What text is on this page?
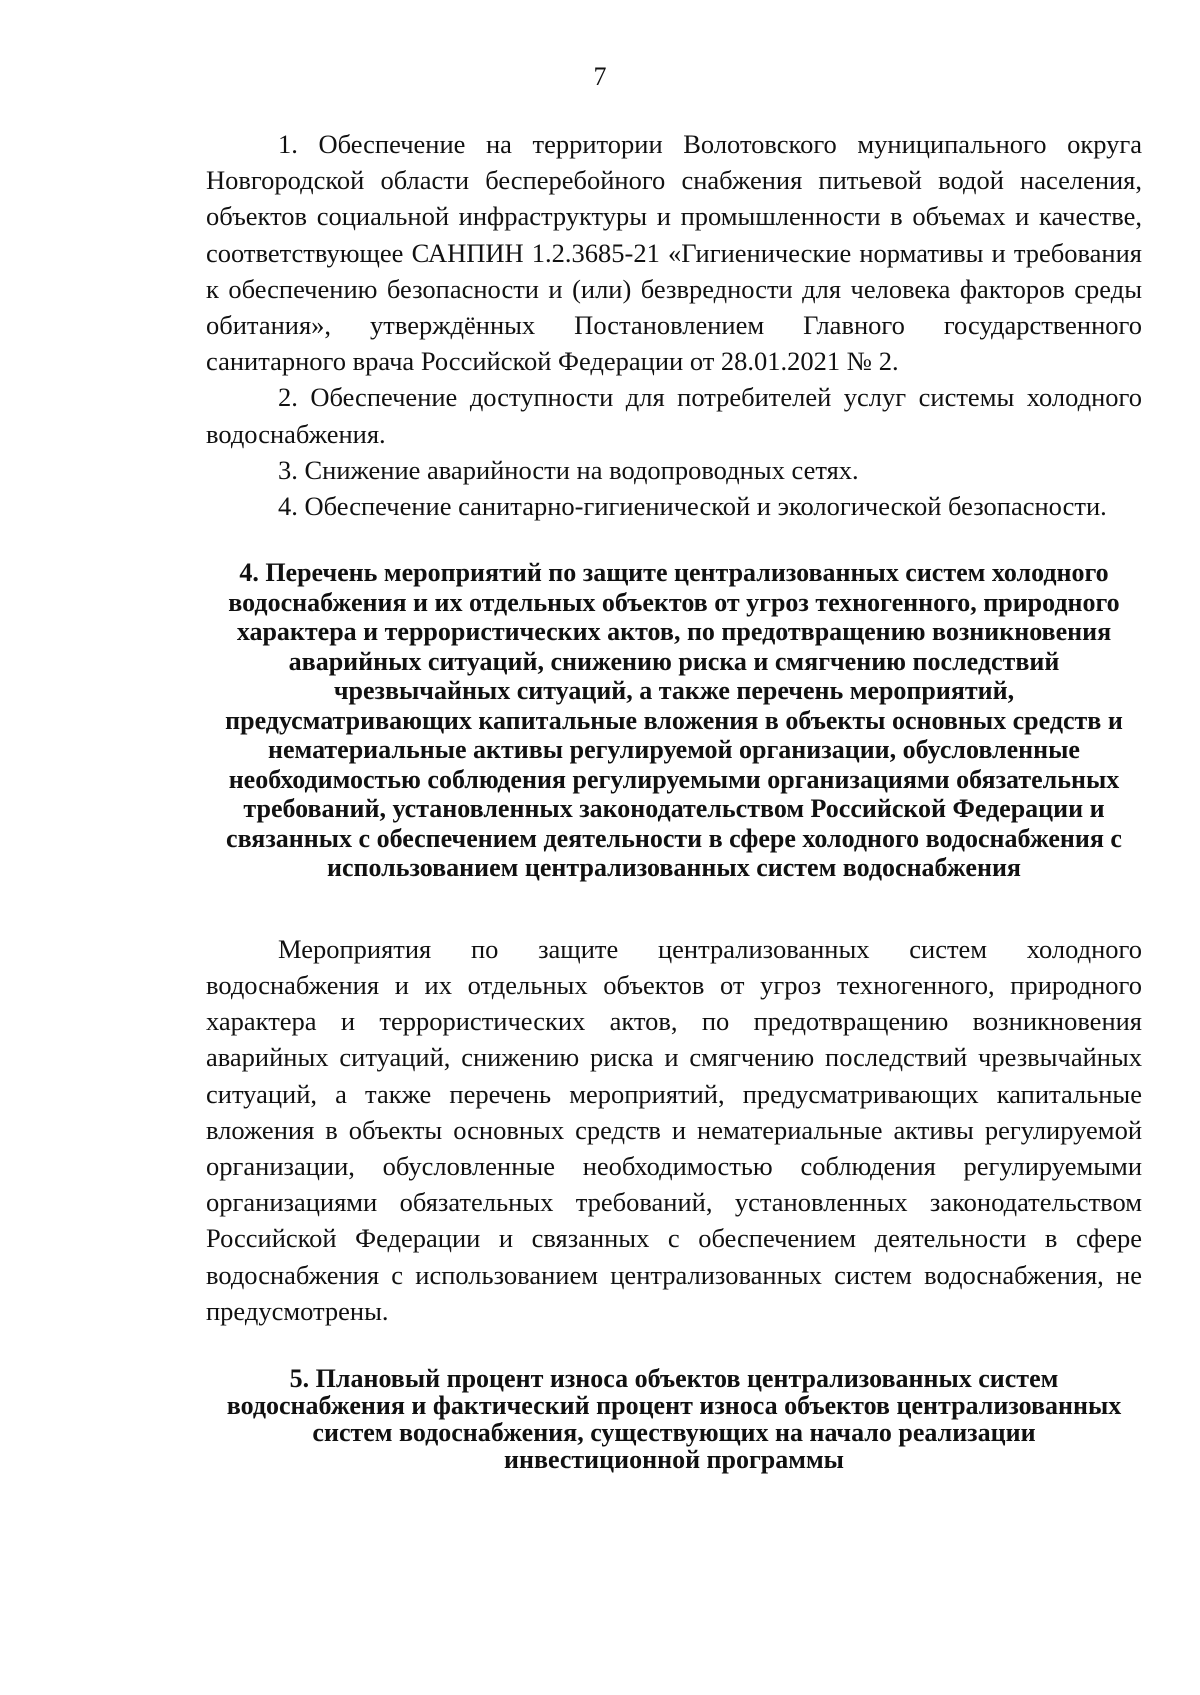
7

1. Обеспечение на территории Волотовского муниципального округа Новгородской области бесперебойного снабжения питьевой водой населения, объектов социальной инфраструктуры и промышленности в объемах и качестве, соответствующее САНПИН 1.2.3685-21 «Гигиенические нормативы и требования к обеспечению безопасности и (или) безвредности для человека факторов среды обитания», утверждённых Постановлением Главного государственного санитарного врача Российской Федерации от 28.01.2021 № 2.

2. Обеспечение доступности для потребителей услуг системы холодного водоснабжения.

3. Снижение аварийности на водопроводных сетях.

4. Обеспечение санитарно-гигиенической и экологической безопасности.

4. Перечень мероприятий по защите централизованных систем холодного водоснабжения и их отдельных объектов от угроз техногенного, природного характера и террористических актов, по предотвращению возникновения аварийных ситуаций, снижению риска и смягчению последствий чрезвычайных ситуаций, а также перечень мероприятий, предусматривающих капитальные вложения в объекты основных средств и нематериальные активы регулируемой организации, обусловленные необходимостью соблюдения регулируемыми организациями обязательных требований, установленных законодательством Российской Федерации и связанных с обеспечением деятельности в сфере холодного водоснабжения с использованием централизованных систем водоснабжения

Мероприятия по защите централизованных систем холодного водоснабжения и их отдельных объектов от угроз техногенного, природного характера и террористических актов, по предотвращению возникновения аварийных ситуаций, снижению риска и смягчению последствий чрезвычайных ситуаций, а также перечень мероприятий, предусматривающих капитальные вложения в объекты основных средств и нематериальные активы регулируемой организации, обусловленные необходимостью соблюдения регулируемыми организациями обязательных требований, установленных законодательством Российской Федерации и связанных с обеспечением деятельности в сфере водоснабжения с использованием централизованных систем водоснабжения, не предусмотрены.

5. Плановый процент износа объектов централизованных систем водоснабжения и фактический процент износа объектов централизованных систем водоснабжения, существующих на начало реализации инвестиционной программы
